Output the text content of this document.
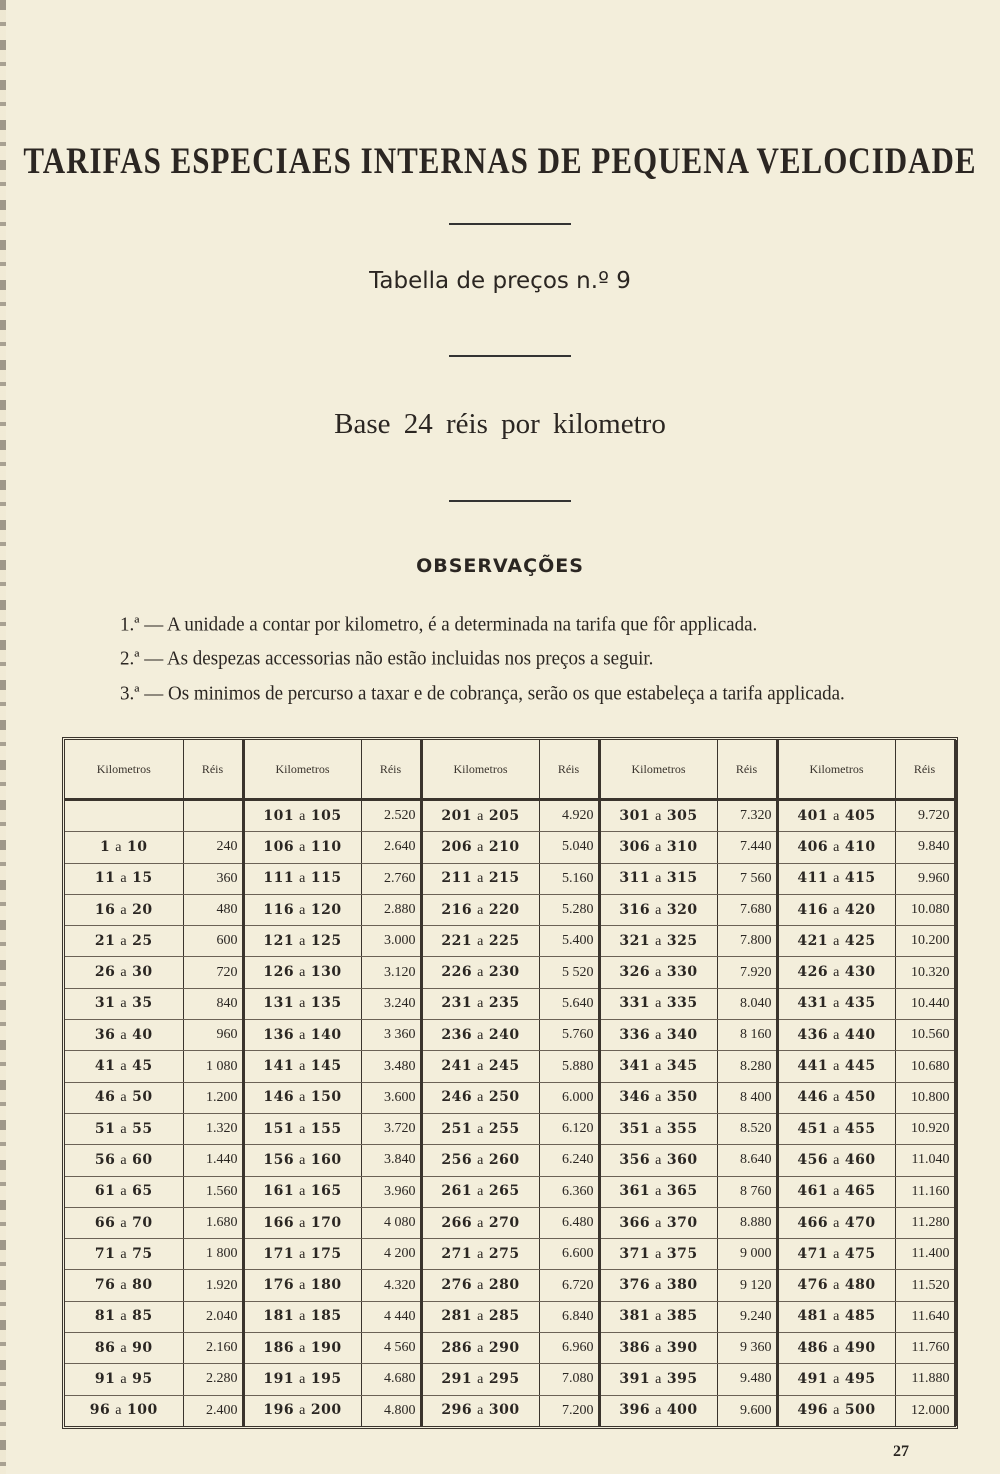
TARIFAS ESPECIAES INTERNAS DE PEQUENA VELOCIDADE
Tabella de preços n.º 9
Base 24 réis por kilometro
OBSERVAÇÕES
1.ª — A unidade a contar por kilometro, é a determinada na tarifa que fôr applicada.
2.ª — As despezas accessorias não estão incluidas nos preços a seguir.
3.ª — Os minimos de percurso a taxar e de cobrança, serão os que estabeleça a tarifa applicada.
Kilometros	Réis	Kilometros	Réis	Kilometros	Réis	Kilometros	Réis	Kilometros	Réis
		101 a 105	2.520	201 a 205	4.920	301 a 305	7.320	401 a 405	9.720
1 a 10	240	106 a 110	2.640	206 a 210	5.040	306 a 310	7.440	406 a 410	9.840
11 a 15	360	111 a 115	2.760	211 a 215	5.160	311 a 315	7 560	411 a 415	9.960
16 a 20	480	116 a 120	2.880	216 a 220	5.280	316 a 320	7.680	416 a 420	10.080
21 a 25	600	121 a 125	3.000	221 a 225	5.400	321 a 325	7.800	421 a 425	10.200
26 a 30	720	126 a 130	3.120	226 a 230	5 520	326 a 330	7.920	426 a 430	10.320
31 a 35	840	131 a 135	3.240	231 a 235	5.640	331 a 335	8.040	431 a 435	10.440
36 a 40	960	136 a 140	3 360	236 a 240	5.760	336 a 340	8 160	436 a 440	10.560
41 a 45	1 080	141 a 145	3.480	241 a 245	5.880	341 a 345	8.280	441 a 445	10.680
46 a 50	1.200	146 a 150	3.600	246 a 250	6.000	346 a 350	8 400	446 a 450	10.800
51 a 55	1.320	151 a 155	3.720	251 a 255	6.120	351 a 355	8.520	451 a 455	10.920
56 a 60	1.440	156 a 160	3.840	256 a 260	6.240	356 a 360	8.640	456 a 460	11.040
61 a 65	1.560	161 a 165	3.960	261 a 265	6.360	361 a 365	8 760	461 a 465	11.160
66 a 70	1.680	166 a 170	4 080	266 a 270	6.480	366 a 370	8.880	466 a 470	11.280
71 a 75	1 800	171 a 175	4 200	271 a 275	6.600	371 a 375	9 000	471 a 475	11.400
76 a 80	1.920	176 a 180	4.320	276 a 280	6.720	376 a 380	9 120	476 a 480	11.520
81 a 85	2.040	181 a 185	4 440	281 a 285	6.840	381 a 385	9.240	481 a 485	11.640
86 a 90	2.160	186 a 190	4 560	286 a 290	6.960	386 a 390	9 360	486 a 490	11.760
91 a 95	2.280	191 a 195	4.680	291 a 295	7.080	391 a 395	9.480	491 a 495	11.880
96 a 100	2.400	196 a 200	4.800	296 a 300	7.200	396 a 400	9.600	496 a 500	12.000
27
